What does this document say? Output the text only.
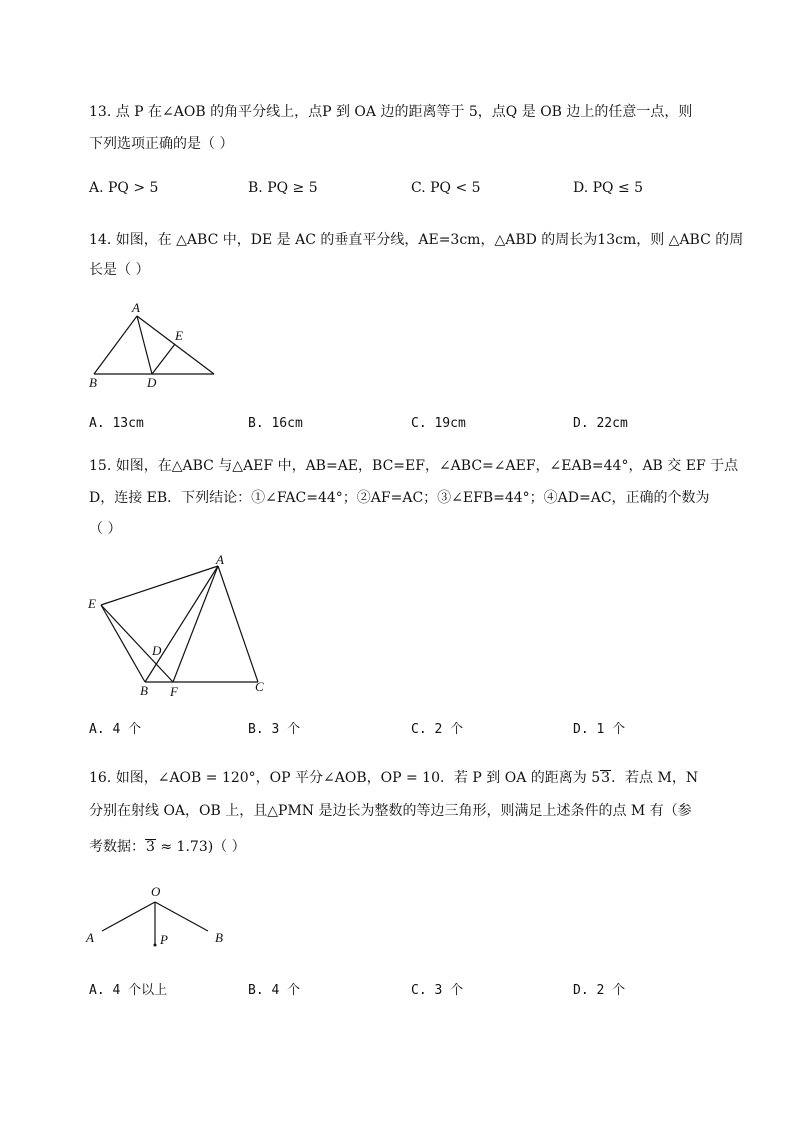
13. 点 P 在∠AOB 的角平分线上，点P 到 OA 边的距离等于 5，点Q 是 OB 边上的任意一点，则
下列选项正确的是（ ）
A. PQ > 5	B. PQ ≥ 5	C. PQ < 5	D. PQ ≤ 5
14. 如图，在 △ABC 中，DE 是 AC 的垂直平分线，AE=3cm，△ABD 的周长为13cm，则 △ABC 的周
长是（ ）
A
E
B	D
A. 13cm	B. 16cm	C. 19cm	D. 22cm
15. 如图，在△ABC 与△AEF 中，AB=AE，BC=EF，∠ABC=∠AEF，∠EAB=44°，AB 交 EF 于点
D，连接 EB．下列结论：①∠FAC=44°；②AF=AC；③∠EFB=44°；④AD=AC，正确的个数为
（ ）
A
E
D
B F	C
A. 4 个	B. 3 个	C. 2 个	D. 1 个
16. 如图，∠AOB = 120°，OP 平分∠AOB，OP = 10．若 P 到 OA 的距离为 53．若点 M，N
分别在射线 OA，OB 上，且△PMN 是边长为整数的等边三角形，则满足上述条件的点 M 有（参
考数据：3 ≈ 1.73)（ ）
O
A	P	B
A. 4 个以上	B. 4 个	C. 3 个	D. 2 个
